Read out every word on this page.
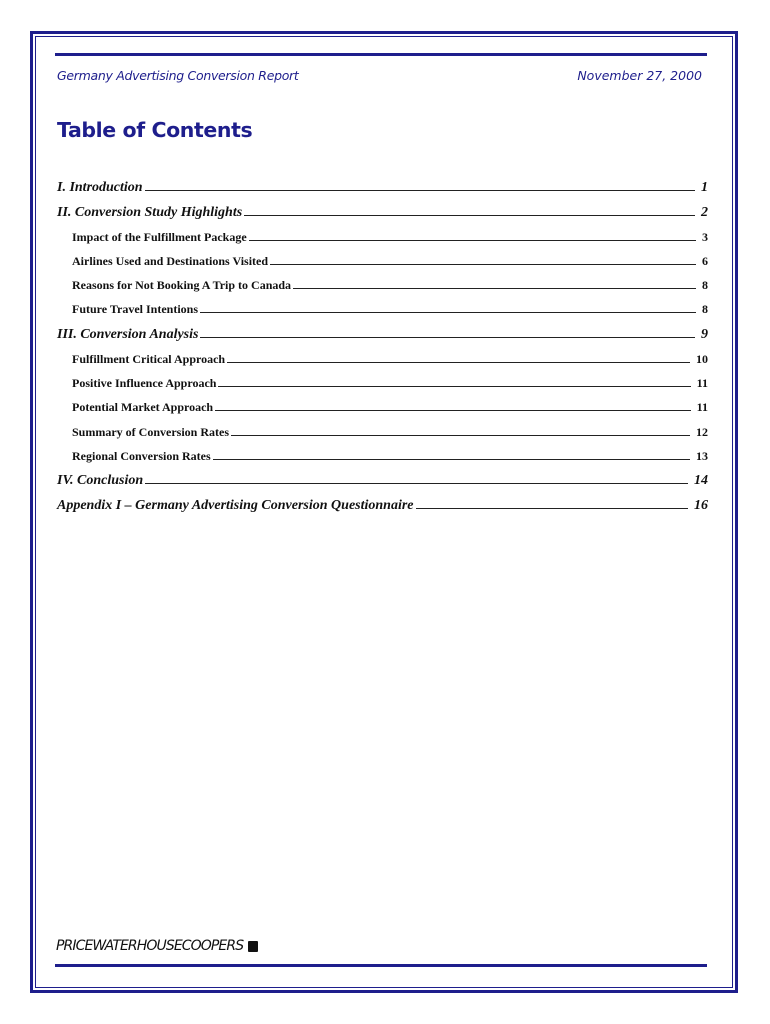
Germany Advertising Conversion Report	November 27, 2000
Table of Contents
I. Introduction	1
II. Conversion Study Highlights	2
Impact of the Fulfillment Package	3
Airlines Used and Destinations Visited	6
Reasons for Not Booking A Trip to Canada	8
Future Travel Intentions	8
III. Conversion Analysis	9
Fulfillment Critical Approach	10
Positive Influence Approach	11
Potential Market Approach	11
Summary of Conversion Rates	12
Regional Conversion Rates	13
IV. Conclusion	14
Appendix I – Germany Advertising Conversion Questionnaire	16
PRICEWATERHOUSECOOPERS
